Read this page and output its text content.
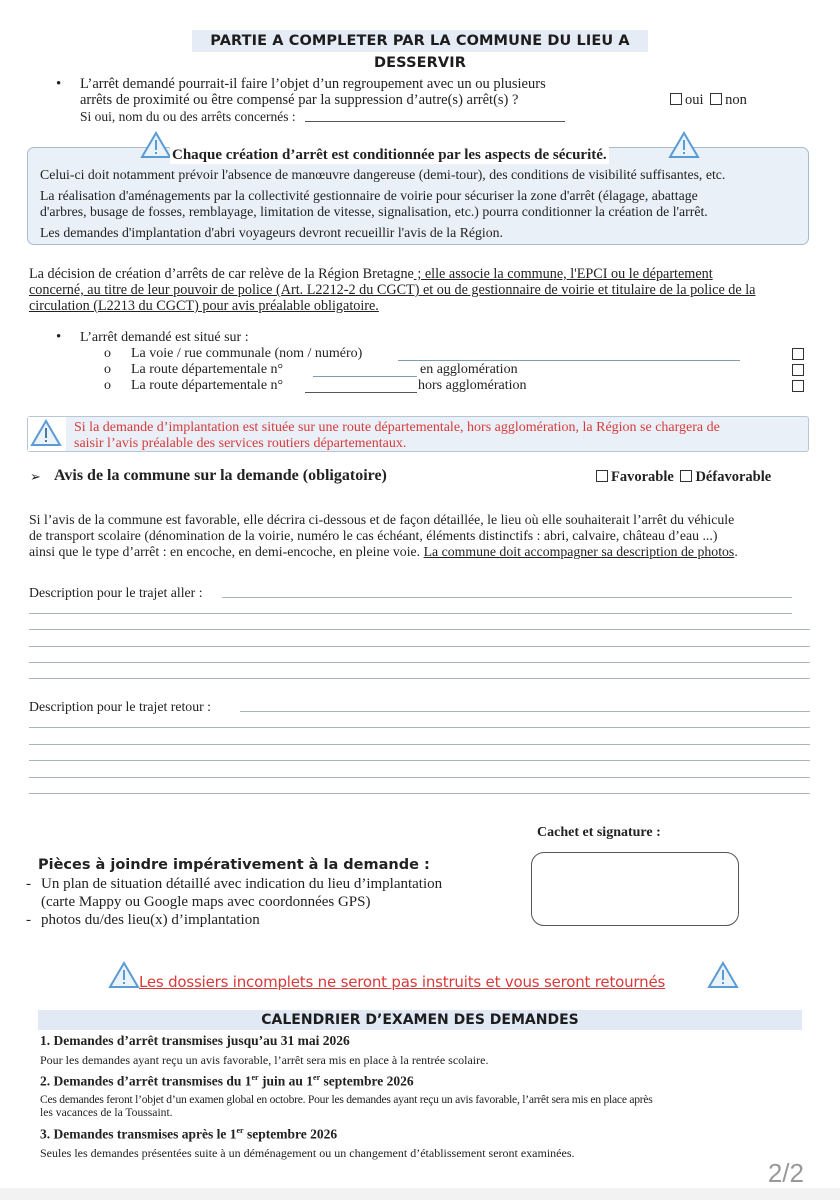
PARTIE A COMPLETER PAR LA COMMUNE DU LIEU A DESSERVIR
• L’arrêt demandé pourrait-il faire l’objet d’un regroupement avec un ou plusieurs
arrêts de proximité ou être compensé par la suppression d’autre(s) arrêt(s) ?	oui non
Si oui, nom du ou des arrêts concernés :
Chaque création d’arrêt est conditionnée par les aspects de sécurité.
Celui-ci doit notamment prévoir l'absence de manœuvre dangereuse (demi-tour), des conditions de visibilité suffisantes, etc.
La réalisation d'aménagements par la collectivité gestionnaire de voirie pour sécuriser la zone d'arrêt (élagage, abattage
d'arbres, busage de fosses, remblayage, limitation de vitesse, signalisation, etc.) pourra conditionner la création de l'arrêt.
Les demandes d'implantation d'abri voyageurs devront recueillir l'avis de la Région.
La décision de création d’arrêts de car relève de la Région Bretagne ; elle associe la commune, l'EPCI ou le département
concerné, au titre de leur pouvoir de police (Art. L2212-2 du CGCT) et ou de gestionnaire de voirie et titulaire de la police de la
circulation (L2213 du CGCT) pour avis préalable obligatoire.
• L’arrêt demandé est situé sur :
o La voie / rue communale (nom / numéro)
o La route départementale n°	en agglomération
o La route départementale n°	hors agglomération
Si la demande d’implantation est située sur une route départementale, hors agglomération, la Région se chargera de
saisir l’avis préalable des services routiers départementaux.
➢ Avis de la commune sur la demande (obligatoire)	Favorable Défavorable
Si l’avis de la commune est favorable, elle décrira ci-dessous et de façon détaillée, le lieu où elle souhaiterait l’arrêt du véhicule
de transport scolaire (dénomination de la voirie, numéro le cas échéant, éléments distinctifs : abri, calvaire, château d’eau ...)
ainsi que le type d’arrêt : en encoche, en demi-encoche, en pleine voie. La commune doit accompagner sa description de photos.
Description pour le trajet aller :
Description pour le trajet retour :
Cachet et signature :
Pièces à joindre impérativement à la demande :
- Un plan de situation détaillé avec indication du lieu d’implantation
(carte Mappy ou Google maps avec coordonnées GPS)
- photos du/des lieu(x) d’implantation
Les dossiers incomplets ne seront pas instruits et vous seront retournés
CALENDRIER D’EXAMEN DES DEMANDES
1. Demandes d’arrêt transmises jusqu’au 31 mai 2026
Pour les demandes ayant reçu un avis favorable, l’arrêt sera mis en place à la rentrée scolaire.
2. Demandes d’arrêt transmises du 1er juin au 1er septembre 2026
Ces demandes feront l’objet d’un examen global en octobre. Pour les demandes ayant reçu un avis favorable, l’arrêt sera mis en place après
les vacances de la Toussaint.
3. Demandes transmises après le 1er septembre 2026
Seules les demandes présentées suite à un déménagement ou un changement d’établissement seront examinées.
2/2
